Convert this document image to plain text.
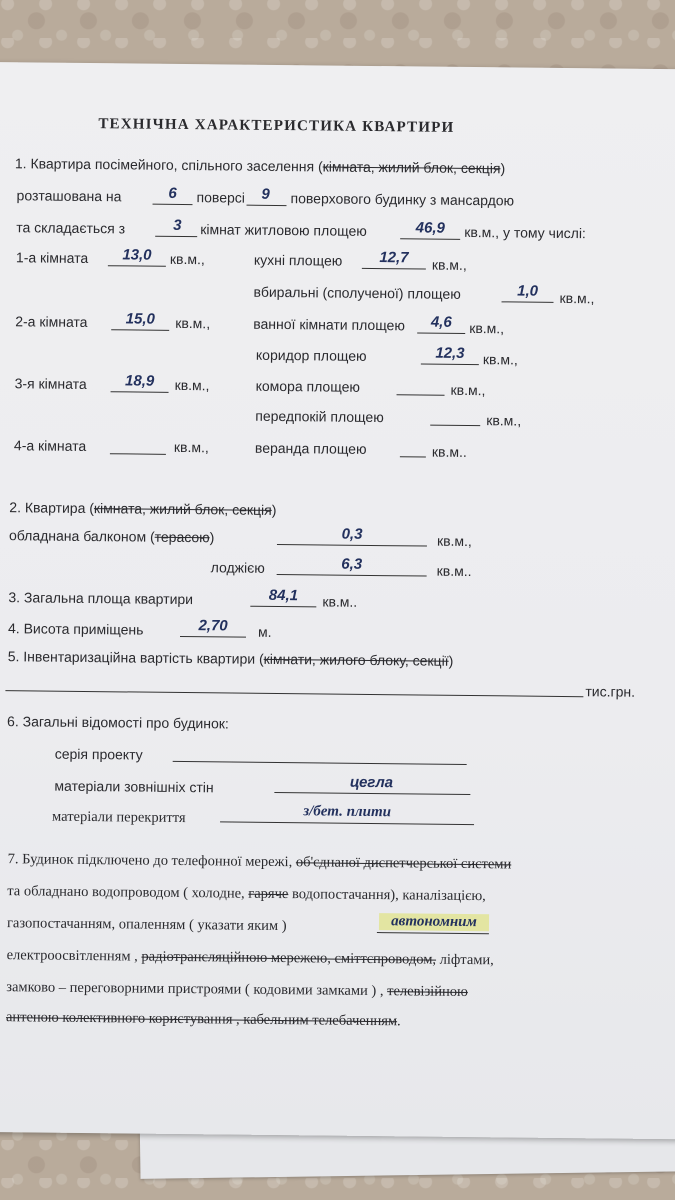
ТЕХНІЧНА ХАРАКТЕРИСТИКА КВАРТИРИ
1. Квартира посімейного, спільного заселення (кімната, жилий блок, секція)
розташована на	6	поверсі	9	поверхового будинку з мансардою
та складається з	3	кімнат житловою площею	46,9	кв.м., у тому числі:
1-а кімната	13,0	кв.м.,
2-а кімната	15,0	кв.м.,
3-я кімната	18,9	кв.м.,
4-а кімната	кв.м.,
кухні площею	12,7	кв.м.,
вбиральні (сполученої) площею	1,0	кв.м.,
ванної кімнати площею	4,6	кв.м.,
коридор площею	12,3	кв.м.,
комора площею	кв.м.,
передпокій площею	кв.м.,
веранда площею	кв.м..
2. Квартира (кімната, жилий блок, секція)
обладнана балконом (терасою)	0,3	кв.м.,
лоджією	6,3	кв.м..
3. Загальна площа квартири	84,1	кв.м..
4. Висота приміщень	2,70	м.
5. Інвентаризаційна вартість квартири (кімнати, жилого блоку, секції)
тис.грн.
6. Загальні відомості про будинок:
серія проекту
матеріали зовнішніх стін	цегла
матеріали перекриття	з/бет. плити
7. Будинок підключено до телефонної мережі, об'єднаної диспетчерської системи
та обладнано водопроводом ( холодне, гаряче водопостачання), каналізацією,
газопостачанням, опаленням ( указати яким )	автономним
електроосвітленням , радіотрансляційною мережею, сміттєпроводом, ліфтами,
замково – переговорними пристроями ( кодовими замками ) , телевізійною
антеною колективного користування , кабельним телебаченням.
